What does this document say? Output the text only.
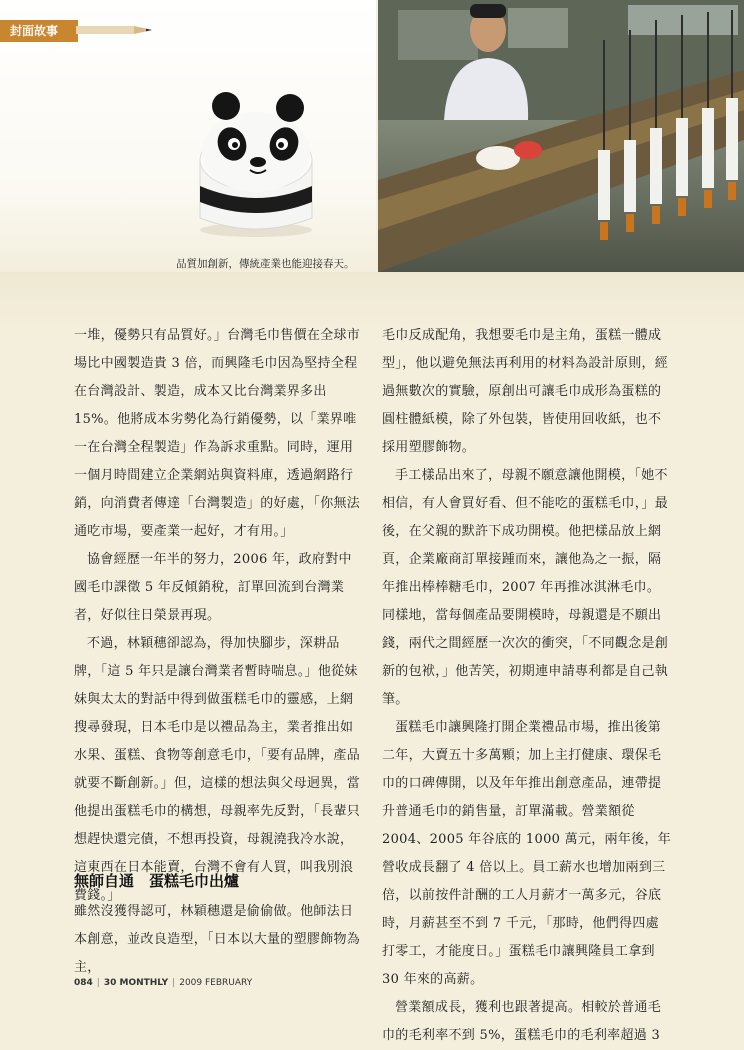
封面故事
品質加創新，傳統產業也能迎接春天。

一堆，優勢只有品質好。」台灣毛巾售價在全球市場比中國製造貴 3 倍，而興隆毛巾因為堅持全程在台灣設計、製造，成本又比台灣業界多出 15%。他將成本劣勢化為行銷優勢，以「業界唯一在台灣全程製造」作為訴求重點。同時，運用一個月時間建立企業網站與資料庫，透過網路行銷，向消費者傳達「台灣製造」的好處，「你無法通吃市場，要產業一起好，才有用。」

協會經歷一年半的努力，2006 年，政府對中國毛巾課徵 5 年反傾銷稅，訂單回流到台灣業者，好似往日榮景再現。

不過，林穎穗卻認為，得加快腳步，深耕品牌，「這 5 年只是讓台灣業者暫時喘息。」他從妹妹與太太的對話中得到做蛋糕毛巾的靈感，上網搜尋發現，日本毛巾是以禮品為主，業者推出如水果、蛋糕、食物等創意毛巾，「要有品牌，產品就要不斷創新。」但，這樣的想法與父母迥異，當他提出蛋糕毛巾的構想，母親率先反對，「長輩只想趕快還完債，不想再投資，母親澆我冷水說，這東西在日本能賣，台灣不會有人買，叫我別浪費錢。」

無師自通　蛋糕毛巾出爐

雖然沒獲得認可，林穎穗還是偷偷做。他師法日本創意，並改良造型，「日本以大量的塑膠飾物為主，

毛巾反成配角，我想要毛巾是主角，蛋糕一體成型」，他以避免無法再利用的材料為設計原則，經過無數次的實驗，原創出可讓毛巾成形為蛋糕的圓柱體紙模，除了外包裝，皆使用回收紙，也不採用塑膠飾物。

手工樣品出來了，母親不願意讓他開模，「她不相信，有人會買好看、但不能吃的蛋糕毛巾，」最後，在父親的默許下成功開模。他把樣品放上網頁，企業廠商訂單接踵而來，讓他為之一振，隔年推出棒棒糖毛巾，2007 年再推冰淇淋毛巾。同樣地，當每個產品要開模時，母親還是不願出錢，兩代之間經歷一次次的衝突，「不同觀念是創新的包袱，」他苦笑，初期連申請專利都是自己執筆。

蛋糕毛巾讓興隆打開企業禮品市場，推出後第二年，大賣五十多萬顆；加上主打健康、環保毛巾的口碑傳開，以及年年推出創意產品，連帶提升普通毛巾的銷售量，訂單滿載。營業額從 2004、2005 年谷底的 1000 萬元，兩年後，年營收成長翻了 4 倍以上。員工薪水也增加兩到三倍，以前按件計酬的工人月薪才一萬多元，谷底時，月薪甚至不到 7 千元，「那時，他們得四處打零工，才能度日。」蛋糕毛巾讓興隆員工拿到 30 年來的高薪。

營業額成長，獲利也跟著提高。相較於普通毛巾的毛利率不到 5%，蛋糕毛巾的毛利率超過 3

084 | 30 MONTHLY | 2009 FEBRUARY
